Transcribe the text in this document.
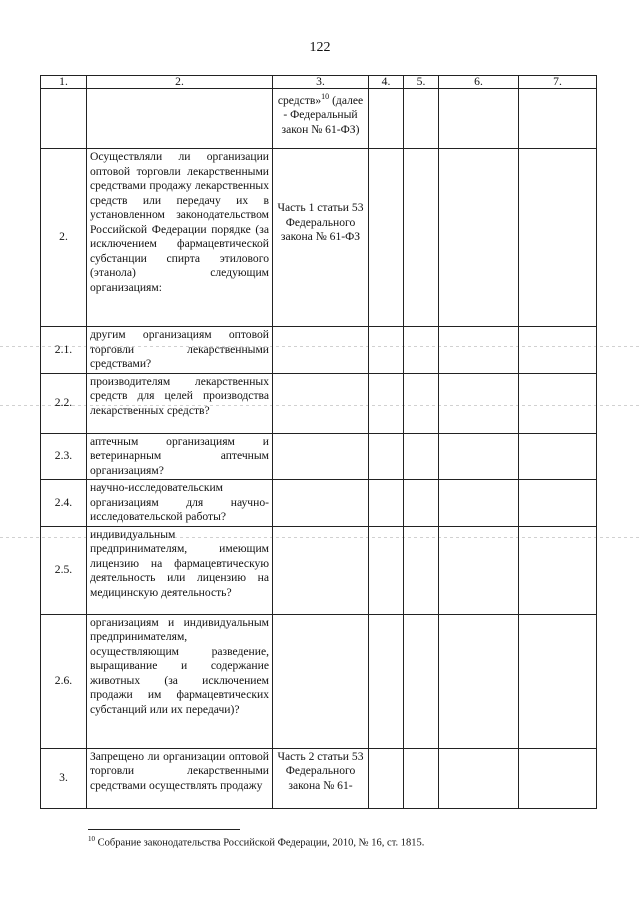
122
1.	2.	3.	4.	5.	6.	7.
		средств»$^{10}$ (далее - Федеральный закон № 61-ФЗ)				
2.	Осуществляли ли организации оптовой торговли лекарственными средствами продажу лекарственных средств или передачу их в установленном законодательством Российской Федерации порядке (за исключением фармацевтической субстанции спирта этилового (этанола) следующим организациям:	Часть 1 статьи 53 Федерального закона № 61-ФЗ				
2.1.	другим организациям оптовой торговли лекарственными средствами?					
2.2.	производителям лекарственных средств для целей производства лекарственных средств?					
2.3.	аптечным организациям и ветеринарным аптечным организациям?					
2.4.	научно-исследовательским организациям для научно-исследовательской работы?					
2.5.	индивидуальным предпринимателям, имеющим лицензию на фармацевтическую деятельность или лицензию на медицинскую деятельность?					
2.6.	организациям и индивидуальным предпринимателям, осуществляющим разведение, выращивание и содержание животных (за исключением продажи им фармацевтических субстанций или их передачи)?					
3.	Запрещено ли организации оптовой торговли лекарственными средствами осуществлять продажу	Часть 2 статьи 53 Федерального закона № 61-				
$^{10}$ Собрание законодательства Российской Федерации, 2010, № 16, ст. 1815.
